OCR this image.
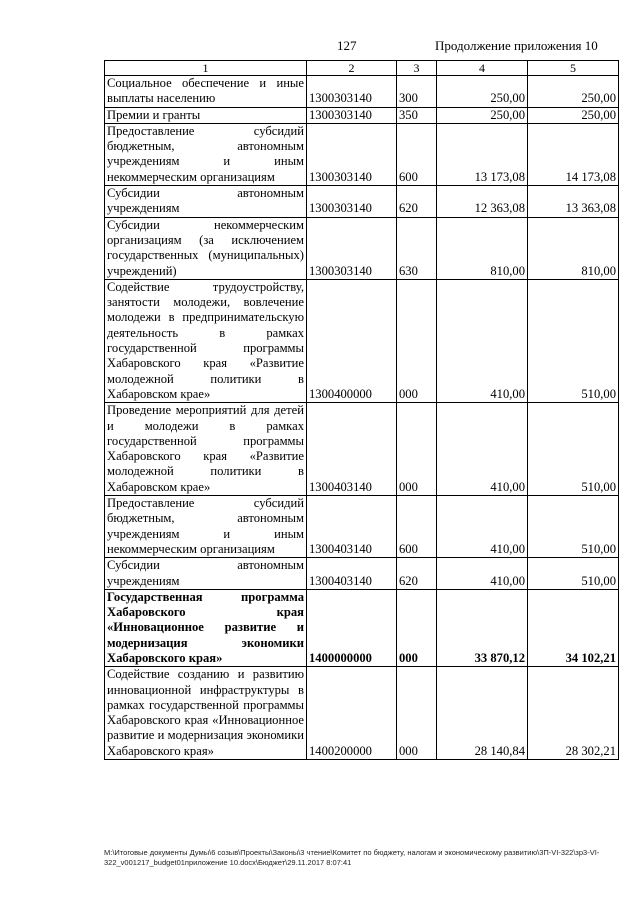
127	Продолжение приложения 10
1	2	3	4	5
Социальное обеспечение и иные выплаты населению	1300303140	300	250,00	250,00
Премии и гранты	1300303140	350	250,00	250,00
Предоставление субсидий бюджетным, автономным учреждениям и иным некоммерческим организациям	1300303140	600	13 173,08	14 173,08
Субсидии автономным учреждениям	1300303140	620	12 363,08	13 363,08
Субсидии некоммерческим организациям (за исключением государственных (муниципальных) учреждений)	1300303140	630	810,00	810,00
Содействие трудоустройству, занятости молодежи, вовлечение молодежи в предпринимательскую деятельность в рамках государственной программы Хабаровского края «Развитие молодежной политики в Хабаровском крае»	1300400000	000	410,00	510,00
Проведение мероприятий для детей и молодежи в рамках государственной программы Хабаровского края «Развитие молодежной политики в Хабаровском крае»	1300403140	000	410,00	510,00
Предоставление субсидий бюджетным, автономным учреждениям и иным некоммерческим организациям	1300403140	600	410,00	510,00
Субсидии автономным учреждениям	1300403140	620	410,00	510,00
Государственная программа Хабаровского края «Инновационное развитие и модернизация экономики Хабаровского края»	1400000000	000	33 870,12	34 102,21
Содействие созданию и развитию инновационной инфраструктуры в рамках государственной программы Хабаровского края «Инновационное развитие и модернизация экономики Хабаровского края»	1400200000	000	28 140,84	28 302,21
М:\Итоговые документы Думы\6 созыв\Проекты\Законы\3 чтение\Комитет по бюджету, налогам и экономическому развитию\3П-VI-322\зр3-VI-322_v001217_budget01приложение 10.docx\Бюджет\29.11.2017 8:07:41
